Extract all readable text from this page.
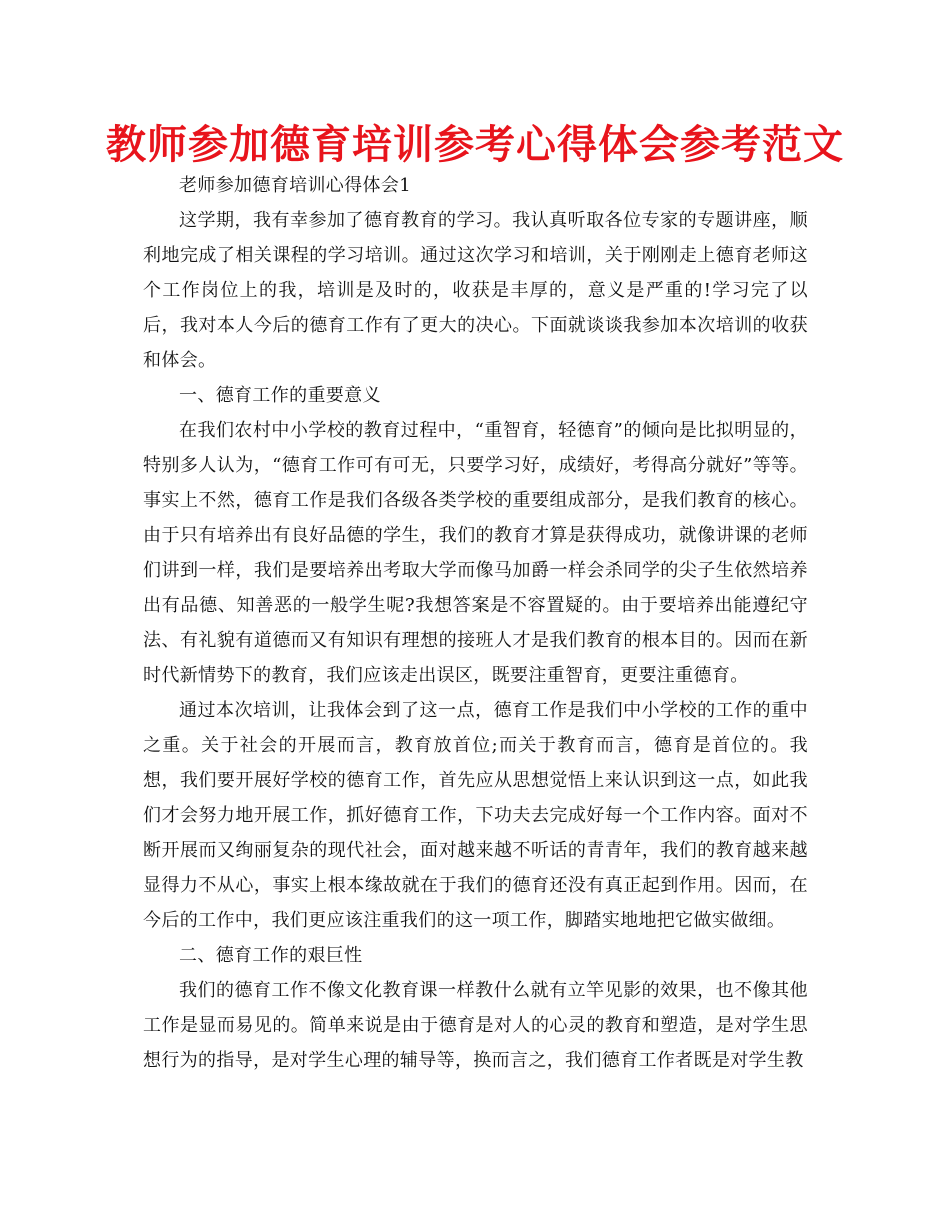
教师参加德育培训参考心得体会参考范文

老师参加德育培训心得体会1

这学期，我有幸参加了德育教育的学习。我认真听取各位专家的专题讲座，顺利地完成了相关课程的学习培训。通过这次学习和培训，关于刚刚走上德育老师这个工作岗位上的我，培训是及时的，收获是丰厚的，意义是严重的!学习完了以后，我对本人今后的德育工作有了更大的决心。下面就谈谈我参加本次培训的收获和体会。

一、德育工作的重要意义

在我们农村中小学校的教育过程中，“重智育，轻德育”的倾向是比拟明显的，特别多人认为，“德育工作可有可无，只要学习好，成绩好，考得高分就好”等等。事实上不然，德育工作是我们各级各类学校的重要组成部分，是我们教育的核心。由于只有培养出有良好品德的学生，我们的教育才算是获得成功，就像讲课的老师们讲到一样，我们是要培养出考取大学而像马加爵一样会杀同学的尖子生依然培养出有品德、知善恶的一般学生呢?我想答案是不容置疑的。由于要培养出能遵纪守法、有礼貌有道德而又有知识有理想的接班人才是我们教育的根本目的。因而在新时代新情势下的教育，我们应该走出误区，既要注重智育，更要注重德育。

通过本次培训，让我体会到了这一点，德育工作是我们中小学校的工作的重中之重。关于社会的开展而言，教育放首位;而关于教育而言，德育是首位的。我想，我们要开展好学校的德育工作，首先应从思想觉悟上来认识到这一点，如此我们才会努力地开展工作，抓好德育工作，下功夫去完成好每一个工作内容。面对不断开展而又绚丽复杂的现代社会，面对越来越不听话的青青年，我们的教育越来越显得力不从心，事实上根本缘故就在于我们的德育还没有真正起到作用。因而，在今后的工作中，我们更应该注重我们的这一项工作，脚踏实地地把它做实做细。

二、德育工作的艰巨性

我们的德育工作不像文化教育课一样教什么就有立竿见影的效果，也不像其他工作是显而易见的。简单来说是由于德育是对人的心灵的教育和塑造，是对学生思想行为的指导，是对学生心理的辅导等，换而言之，我们德育工作者既是对学生教
